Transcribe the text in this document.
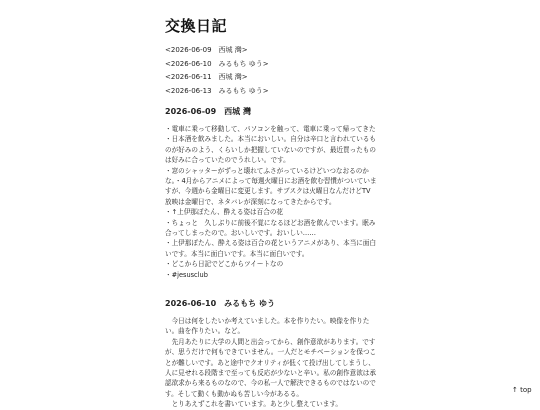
交換日記
<2026-06-09　西城 灣>
<2026-06-10　みるもち ゆう>
<2026-06-11　西城 灣>
<2026-06-13　みるもち ゆう>
2026-06-09　西城 灣

・電車に乗って移動して、パソコンを触って、電車に乗って帰ってきた

・日本酒を飲みました。本当においしい。自分は辛口と言われているものが好みのよう、くらいしか把握していないのですが、最近買ったものは好みに合っていたのでうれしい。です。

・窓のシャッターがずっと壊れてふさがっているけどいつなおるのかな。・4月からアニメによって毎週火曜日にお酒を飲む習慣がついていますが、今週から金曜日に変更します。サブスクは火曜日なんだけどTV放映は金曜日で、ネタバレが深刻になってきたからです。

・↑上伊那ぼたん、酔える姿は百合の花

・ちょっと　久しぶりに前後不覚になるほどお酒を飲んでいます。眠み合ってしまったので。おいしいです。おいしい……

・上伊那ぼたん、酔える姿は百合の花というアニメがあり、本当に面白いです。本当に面白いです。本当に面白いです。

・どこから日記でどこからツイートなの

・#jesusclub

2026-06-10　みるもち ゆう

今日は何をしたいか考えていました。本を作りたい。映像を作りたい。曲を作りたい。など。

先月あたりに大学の人間と出会ってから、創作意欲があります。ですが、思うだけで何もできていません。一人だとモチベーションを保つことが難しいです。あと途中でクオリティが低くて投げ出してしまうし、人に見せれる段階まで至っても反応が少ないと辛い。私の創作意欲は承認欲求から来るものなので、今の私一人で解決できるものではないのです。そして動くも動かぬも苦しい今があるる。

とりあえずこれを書いています。あと少し整えています。

↑ top
